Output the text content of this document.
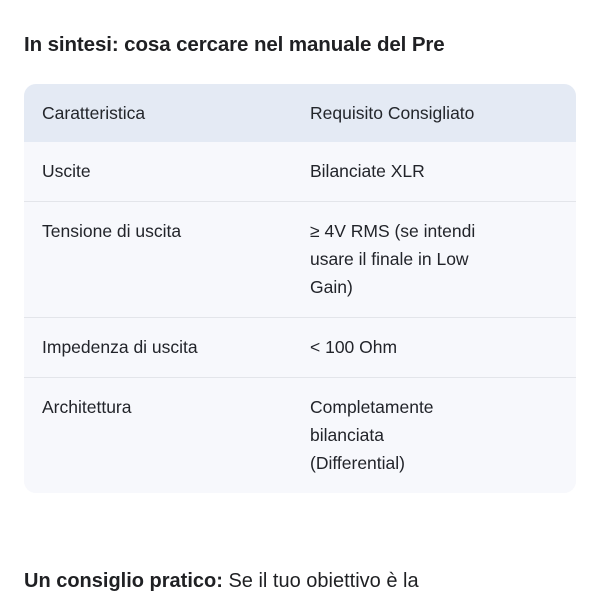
In sintesi: cosa cercare nel manuale del Pre
Caratteristica	Requisito Consigliato
Uscite	Bilanciate XLR

Tensione di uscita	≥ 4V RMS (se intendi
usare il finale in Low
Gain)

Impedenza di uscita	< 100 Ohm

Architettura	Completamente
bilanciata
(Differential)

Un consiglio pratico: Se il tuo obiettivo è la
